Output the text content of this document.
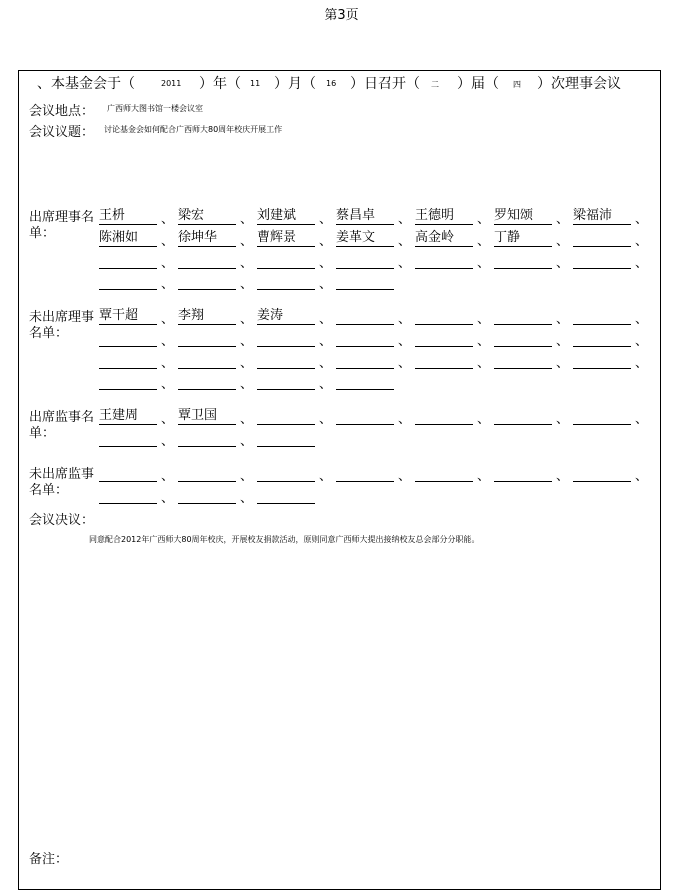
第3页
、本基金会于（	2011 ）年（ 11 ）月（ 16 ）日召开（ 二 ）届（ 四 ）次理事会议
会议地点： 广西师大图书馆一楼会议室
会议议题： 讨论基金会如何配合广西师大80周年校庆开展工作
出席理事名
单：
王枡	、 梁宏	、 刘建斌	、 蔡昌卓	、 王德明	、 罗知颂	、 梁福沛	、
陈湘如	、 徐坤华	、 曹辉景	、 姜革文	、 高金岭	、 丁静	、	、
、	、	、	、	、	、	、
、	、	、
未出席理事
名单：
覃干超	、 李翔	、 姜涛	、	、	、	、	、
、	、	、	、	、	、	、
、	、	、	、	、	、	、
、	、	、
出席监事名
单：
王建周	、 覃卫国	、	、	、	、	、	、
、	、
未出席监事
名单：
、	、	、	、	、	、	、
、	、
会议决议：
同意配合2012年广西师大80周年校庆，开展校友捐款活动，原则同意广西师大提出接纳校友总会部分分职能。
备注：
